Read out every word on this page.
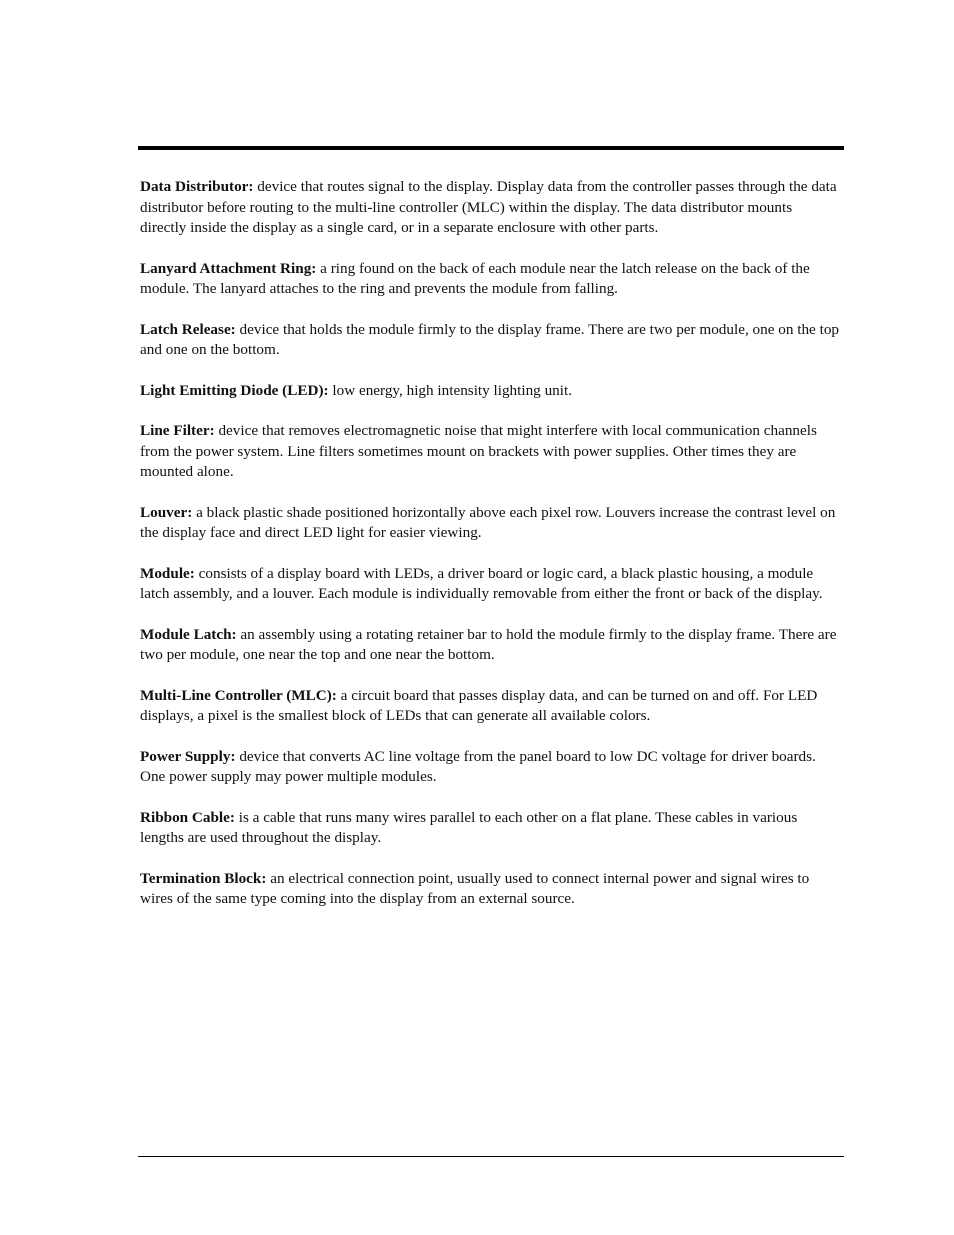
Data Distributor: device that routes signal to the display. Display data from the controller passes through the data distributor before routing to the multi-line controller (MLC) within the display. The data distributor mounts directly inside the display as a single card, or in a separate enclosure with other parts.

Lanyard Attachment Ring: a ring found on the back of each module near the latch release on the back of the module. The lanyard attaches to the ring and prevents the module from falling.

Latch Release: device that holds the module firmly to the display frame. There are two per module, one on the top and one on the bottom.

Light Emitting Diode (LED): low energy, high intensity lighting unit.

Line Filter: device that removes electromagnetic noise that might interfere with local communication channels from the power system. Line filters sometimes mount on brackets with power supplies. Other times they are mounted alone.

Louver: a black plastic shade positioned horizontally above each pixel row. Louvers increase the contrast level on the display face and direct LED light for easier viewing.

Module: consists of a display board with LEDs, a driver board or logic card, a black plastic housing, a module latch assembly, and a louver. Each module is individually removable from either the front or back of the display.

Module Latch: an assembly using a rotating retainer bar to hold the module firmly to the display frame. There are two per module, one near the top and one near the bottom.

Multi-Line Controller (MLC): a circuit board that passes display data, and can be turned on and off. For LED displays, a pixel is the smallest block of LEDs that can generate all available colors.

Power Supply: device that converts AC line voltage from the panel board to low DC voltage for driver boards. One power supply may power multiple modules.

Ribbon Cable: is a cable that runs many wires parallel to each other on a flat plane. These cables in various lengths are used throughout the display.

Termination Block: an electrical connection point, usually used to connect internal power and signal wires to wires of the same type coming into the display from an external source.
